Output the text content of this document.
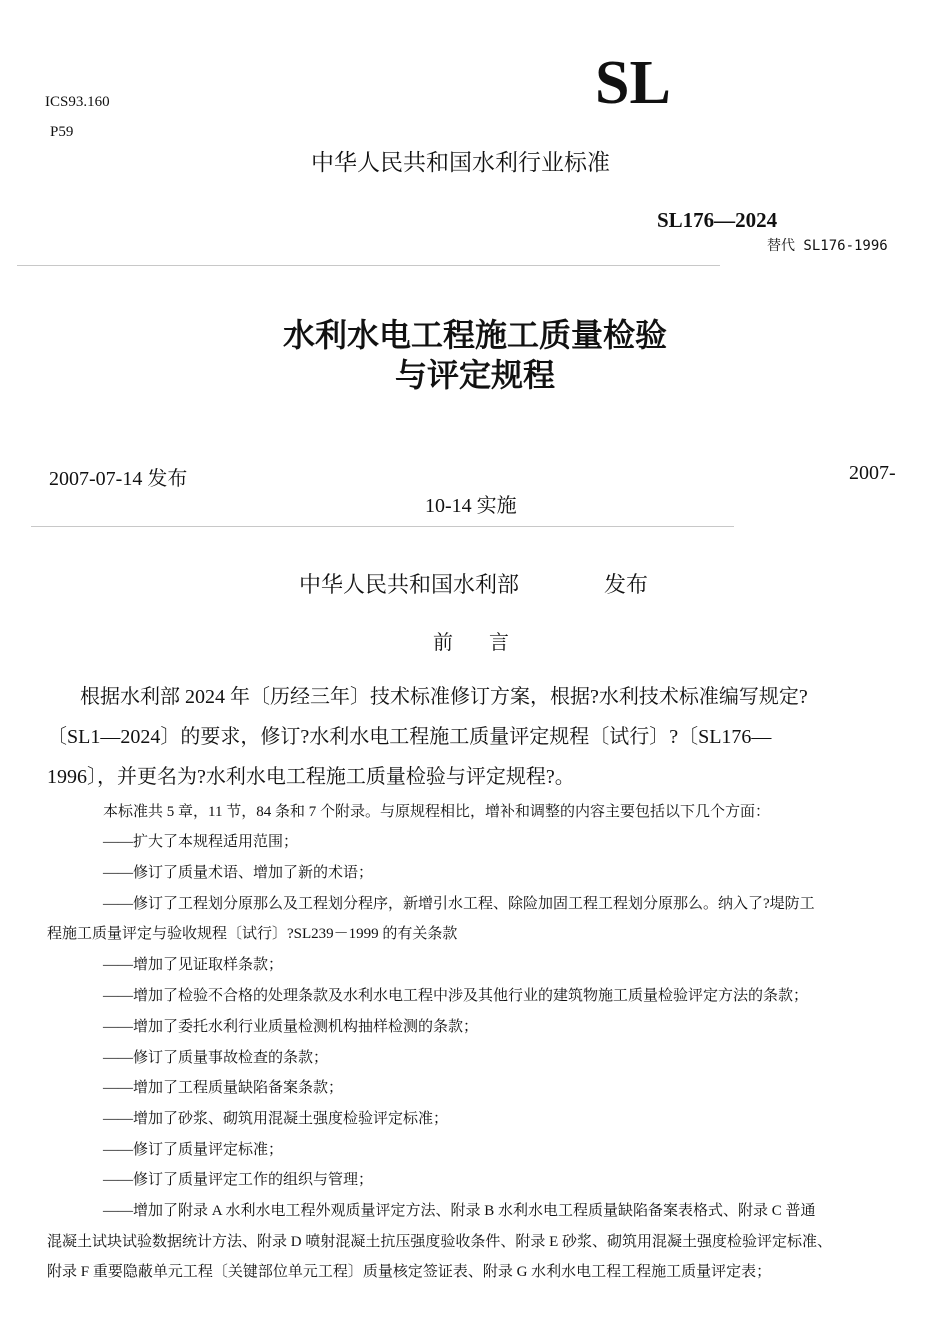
ICS93.160
P59
SL
中华人民共和国水利行业标准
SL176—2024
替代 SL176-1996
水利水电工程施工质量检验
与评定规程
2007-07-14 发布	2007-
10-14 实施
中华人民共和国水利部	发布
前　言
根据水利部 2024 年〔历经三年〕技术标准修订方案，根据?水利技术标准编写规定?
〔SL1—2024〕的要求，修订?水利水电工程施工质量评定规程〔试行〕?〔SL176—
1996〕，并更名为?水利水电工程施工质量检验与评定规程?。
本标准共 5 章，11 节，84 条和 7 个附录。与原规程相比，增补和调整的内容主要包括以下几个方面：
——扩大了本规程适用范围；
——修订了质量术语、增加了新的术语；
——修订了工程划分原那么及工程划分程序，新增引水工程、除险加固工程工程划分原那么。纳入了?堤防工
程施工质量评定与验收规程〔试行〕?SL239－1999 的有关条款
——增加了见证取样条款；
——增加了检验不合格的处理条款及水利水电工程中涉及其他行业的建筑物施工质量检验评定方法的条款；
——增加了委托水利行业质量检测机构抽样检测的条款；
——修订了质量事故检查的条款；
——增加了工程质量缺陷备案条款；
——增加了砂浆、砌筑用混凝土强度检验评定标准；
——修订了质量评定标准；
——修订了质量评定工作的组织与管理；
——增加了附录 A 水利水电工程外观质量评定方法、附录 B 水利水电工程质量缺陷备案表格式、附录 C 普通
混凝土试块试验数据统计方法、附录 D 喷射混凝土抗压强度验收条件、附录 E 砂浆、砌筑用混凝土强度检验评定标准、
附录 F 重要隐蔽单元工程〔关键部位单元工程〕质量核定签证表、附录 G 水利水电工程工程施工质量评定表；
